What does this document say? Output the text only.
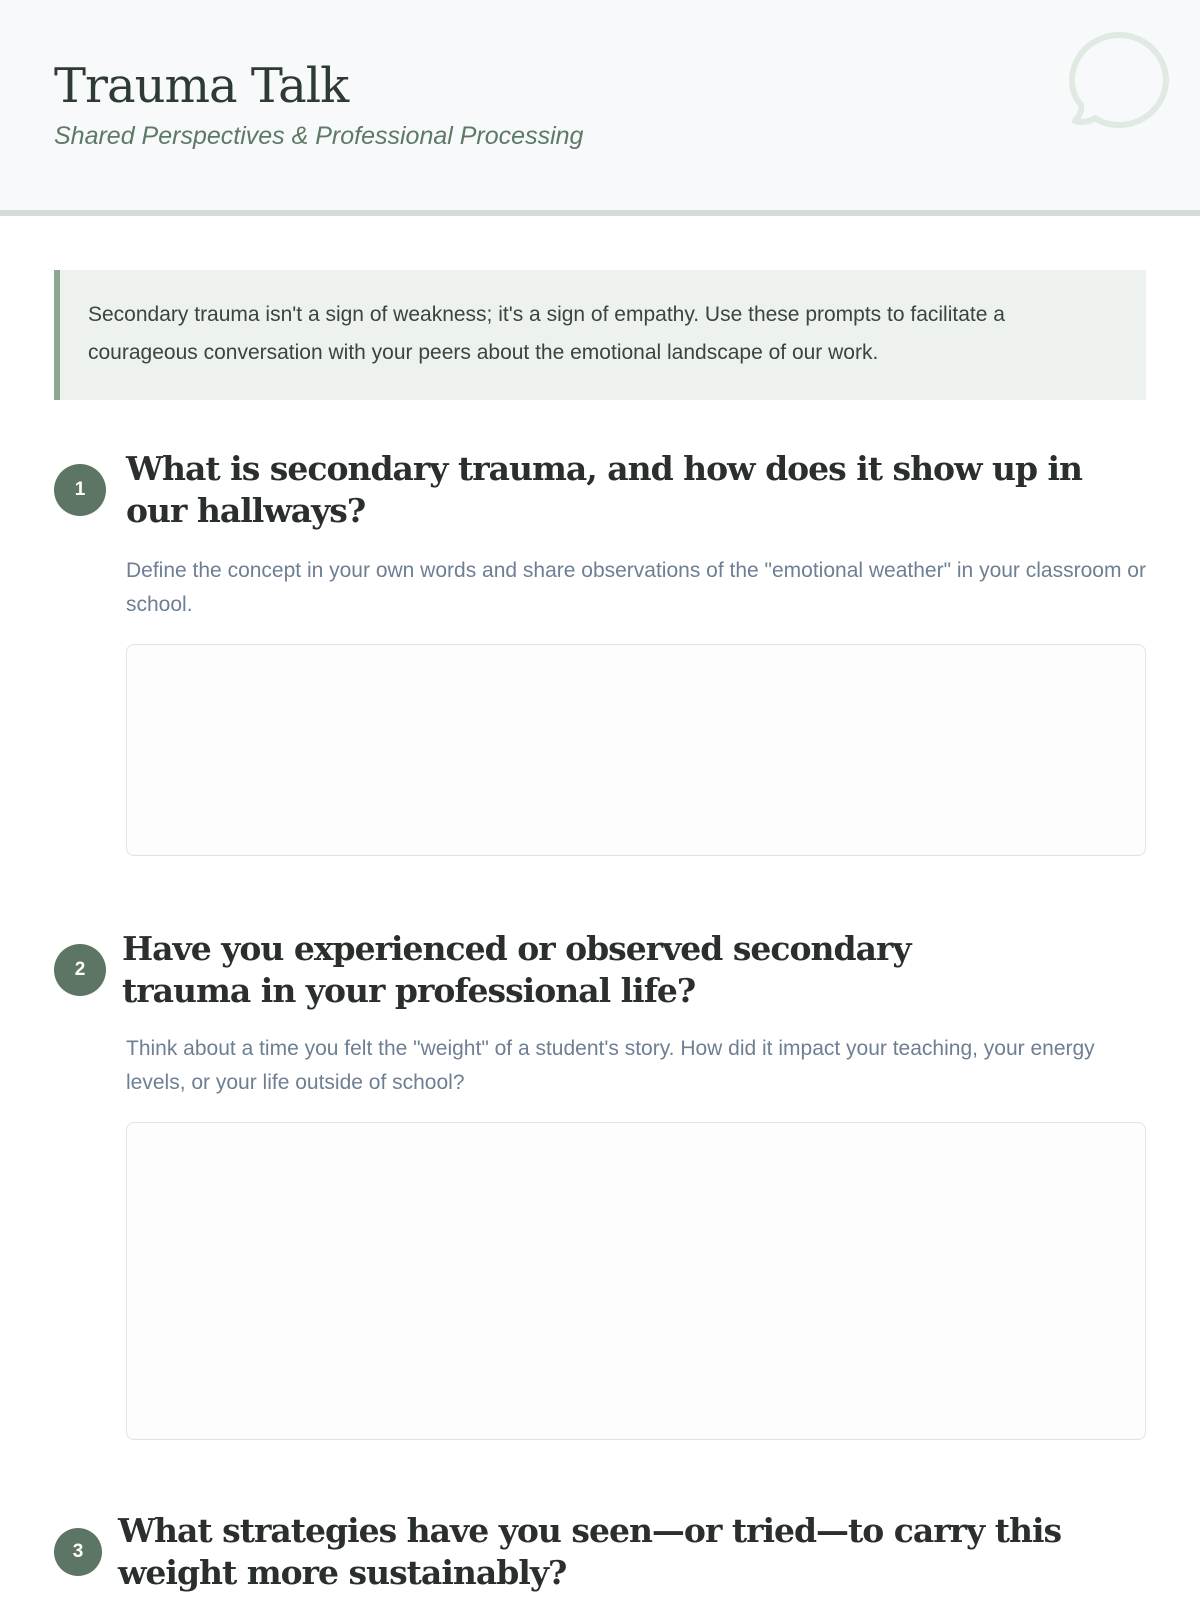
Trauma Talk
Shared Perspectives & Professional Processing
Secondary trauma isn't a sign of weakness; it's a sign of empathy. Use these prompts to facilitate a courageous conversation with your peers about the emotional landscape of our work.
1
What is secondary trauma, and how does it show up in our hallways?

Define the concept in your own words and share observations of the "emotional weather" in your classroom or school.

2
Have you experienced or observed secondary trauma in your professional life?

Think about a time you felt the "weight" of a student's story. How did it impact your teaching, your energy levels, or your life outside of school?

3
What strategies have you seen—or tried—to carry this weight more sustainably?
